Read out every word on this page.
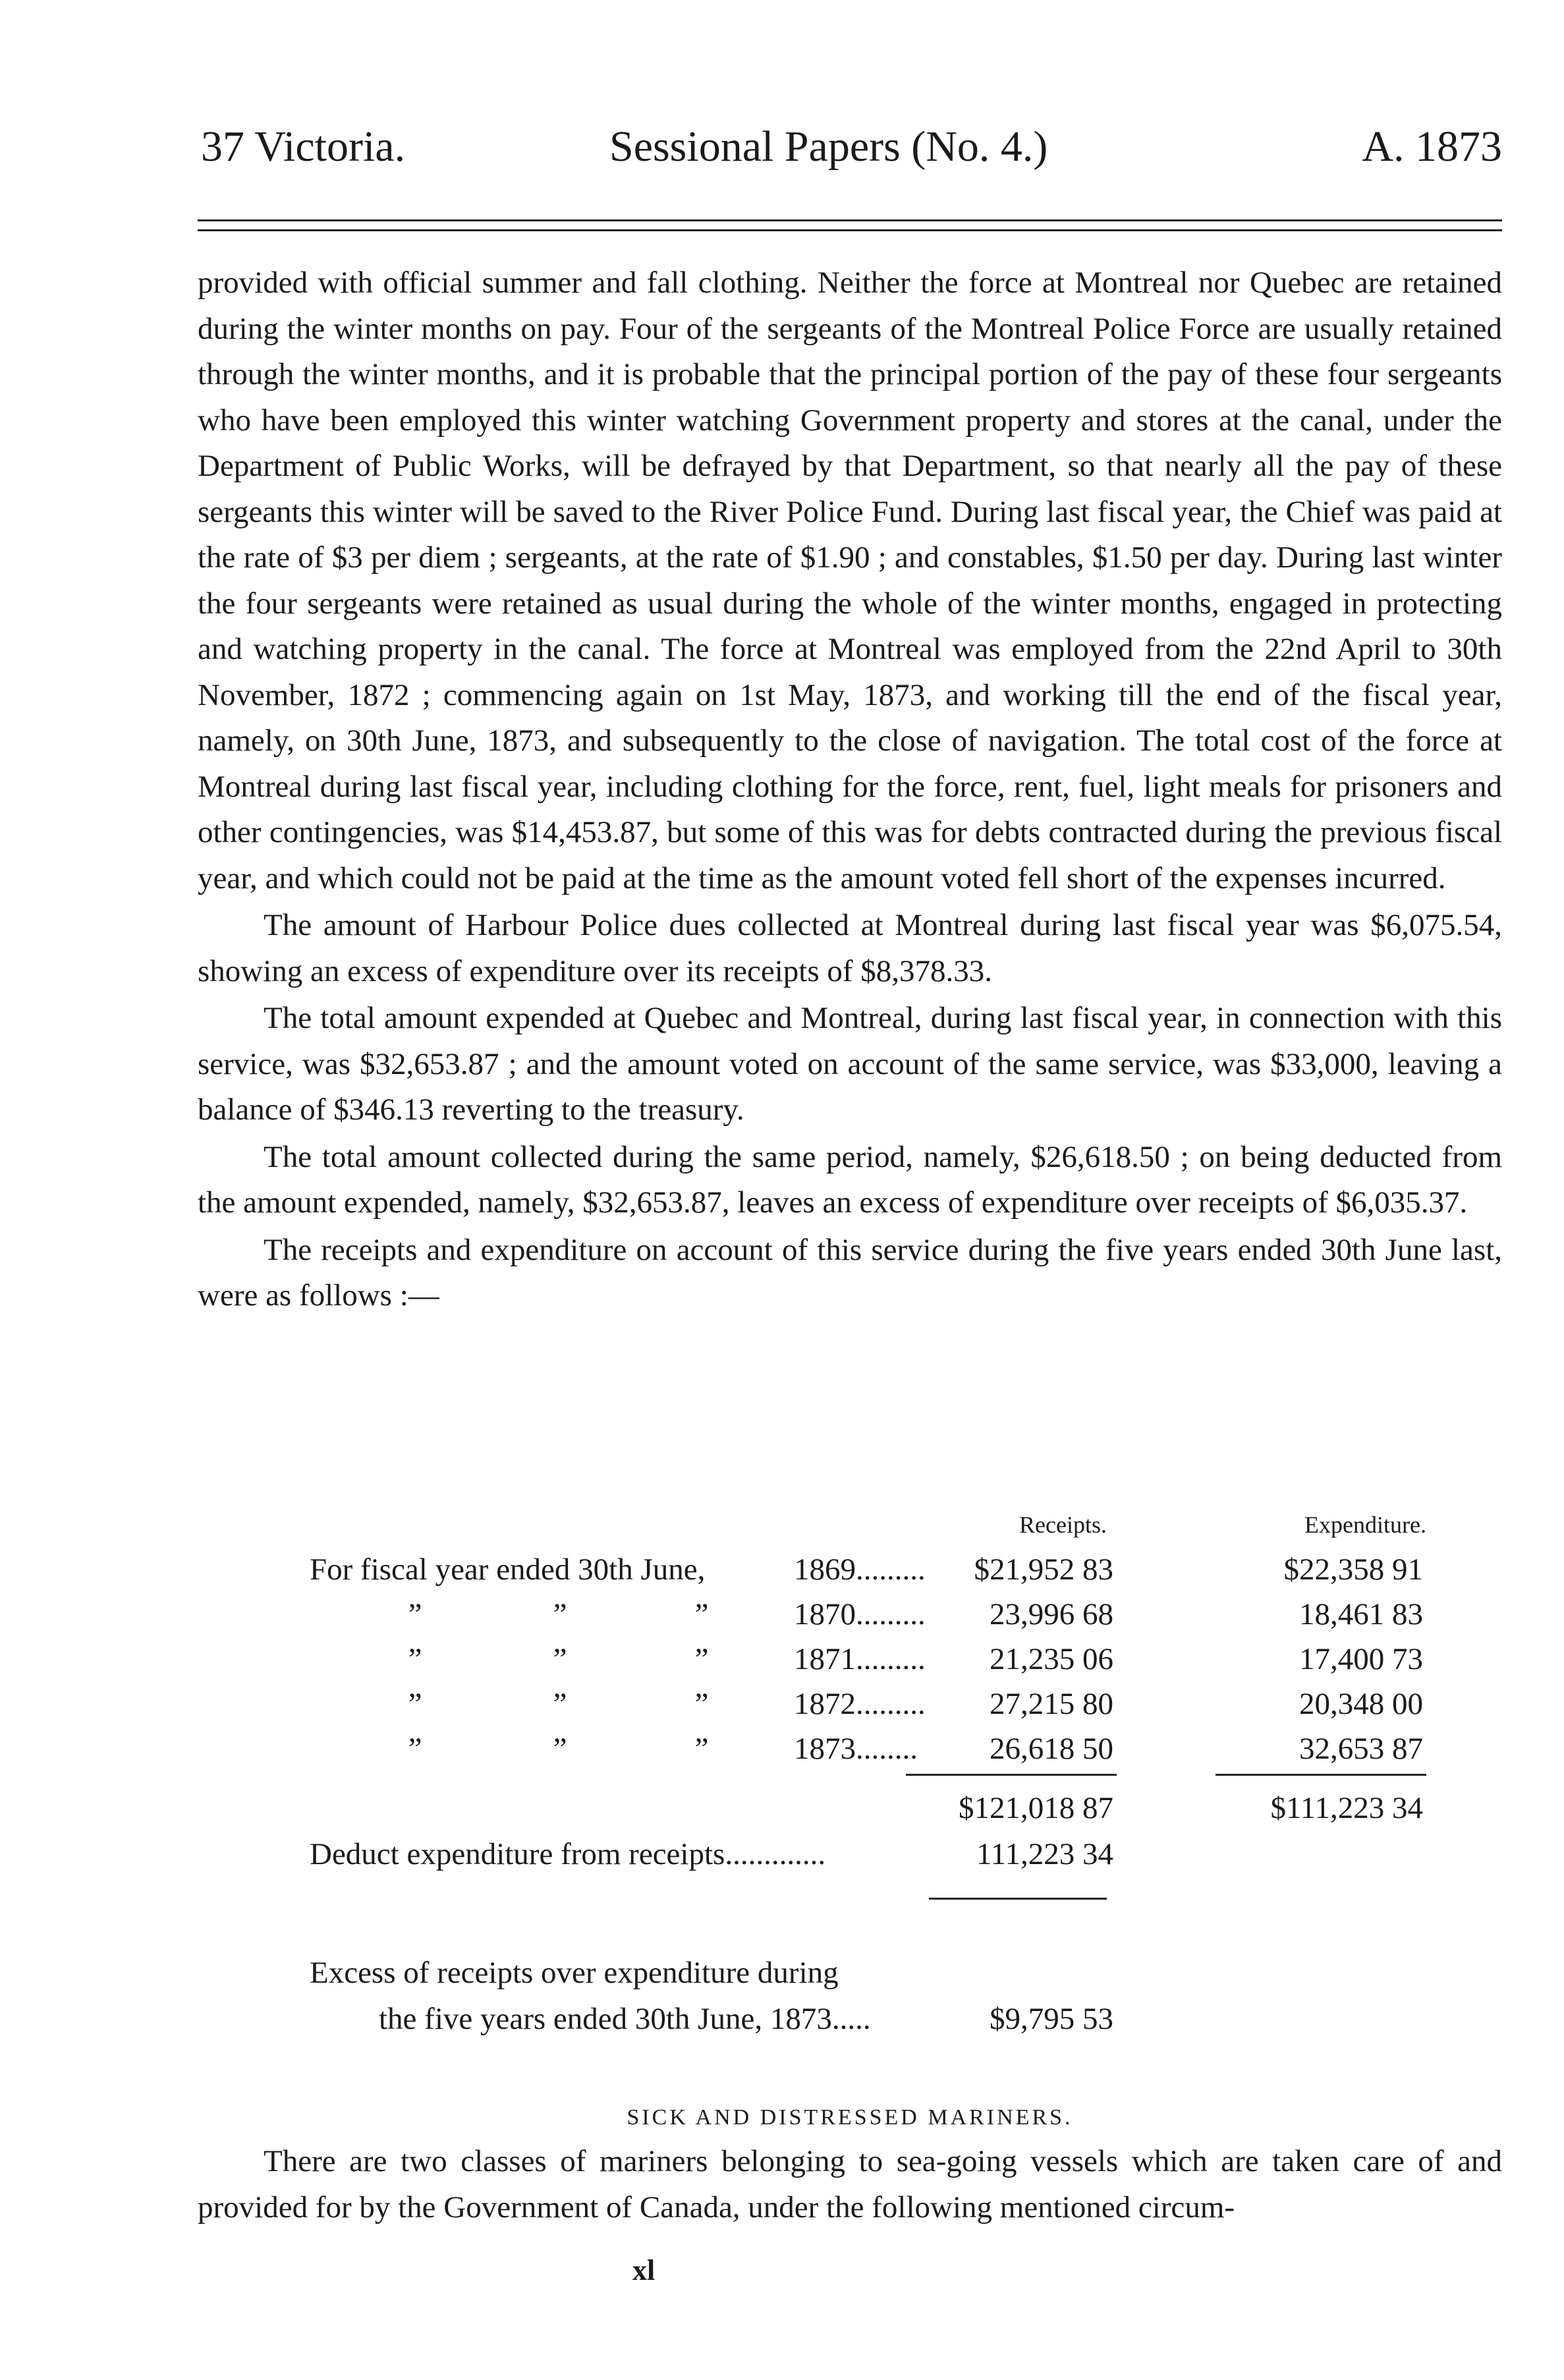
37 Victoria.	Sessional Papers (No. 4.)	A. 1873

provided with official summer and fall clothing. Neither the force at Montreal nor Quebec are retained during the winter months on pay. Four of the sergeants of the Montreal Police Force are usually retained through the winter months, and it is probable that the principal portion of the pay of these four sergeants who have been employed this winter watching Government property and stores at the canal, under the Department of Public Works, will be defrayed by that Department, so that nearly all the pay of these sergeants this winter will be saved to the River Police Fund. During last fiscal year, the Chief was paid at the rate of $3 per diem ; sergeants, at the rate of $1.90 ; and constables, $1.50 per day. During last winter the four sergeants were retained as usual during the whole of the winter months, engaged in protecting and watching property in the canal. The force at Montreal was employed from the 22nd April to 30th November, 1872 ; commencing again on 1st May, 1873, and working till the end of the fiscal year, namely, on 30th June, 1873, and subsequently to the close of navigation. The total cost of the force at Montreal during last fiscal year, including clothing for the force, rent, fuel, light meals for prisoners and other contingencies, was $14,453.87, but some of this was for debts contracted during the previous fiscal year, and which could not be paid at the time as the amount voted fell short of the expenses incurred.

The amount of Harbour Police dues collected at Montreal during last fiscal year was $6,075.54, showing an excess of expenditure over its receipts of $8,378.33.

The total amount expended at Quebec and Montreal, during last fiscal year, in connection with this service, was $32,653.87 ; and the amount voted on account of the same service, was $33,000, leaving a balance of $346.13 reverting to the treasury.

The total amount collected during the same period, namely, $26,618.50 ; on being deducted from the amount expended, namely, $32,653.87, leaves an excess of expenditure over receipts of $6,035.37.

The receipts and expenditure on account of this service during the five years ended 30th June last, were as follows :—

Receipts.	Expenditure.
For fiscal year ended 30th June,	1869......... $21,952 83	$22,358 91
”	”	”	1870......... 23,996 68	18,461 83
”	”	”	1871......... 21,235 06	17,400 73
”	”	”	1872......... 27,215 80	20,348 00
”	”	”	1873........ 26,618 50	32,653 87
$121,018 87	$111,223 34
Deduct expenditure from receipts.............	111,223 34
Excess of receipts over expenditure during
the five years ended 30th June, 1873.....	$9,795 53
SICK AND DISTRESSED MARINERS.

There are two classes of mariners belonging to sea-going vessels which are taken care of and provided for by the Government of Canada, under the following mentioned circum-

xl
